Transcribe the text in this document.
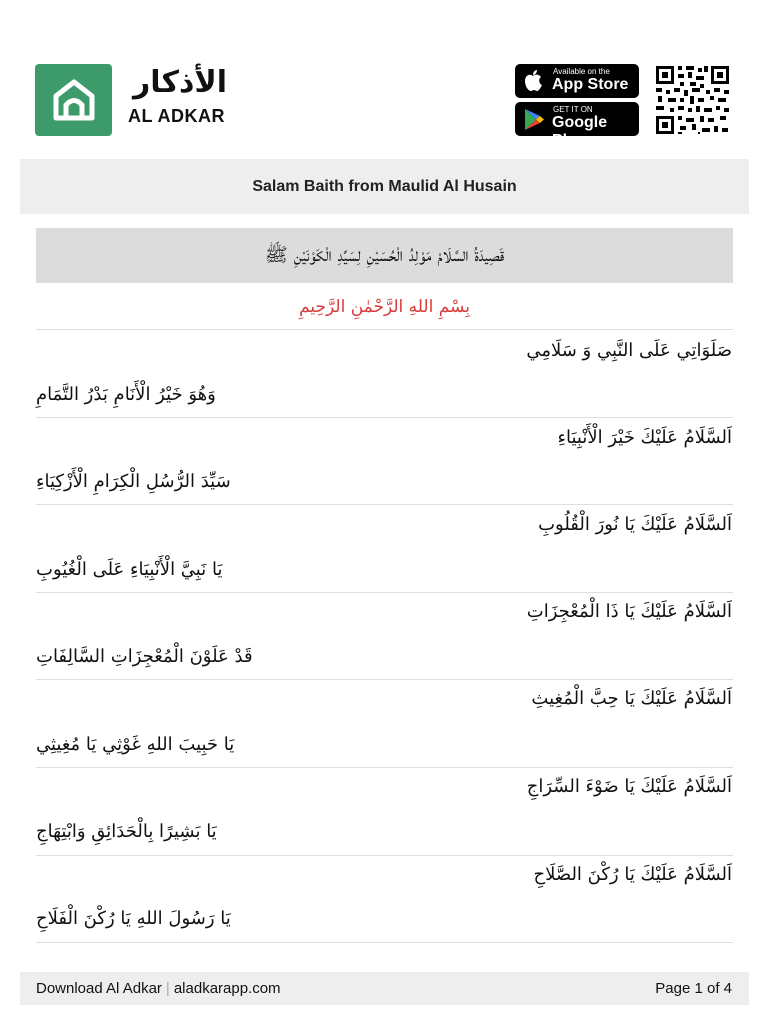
الأذكار
AL ADKAR
Available on the
App Store
GET IT ON
Google Play
Salam Baith from Maulid Al Husain
قَصِيدَةُ السَّلَامْ مَوْلِدُ الْحُسَيْنِ لِسَيِّدِ الْكَوْنَيْنِ ﷺ
بِسْمِ اللهِ الرَّحْمٰنِ الرَّحِيمِ
صَلَوَاتِي عَلَى النَّبِي وَ سَلَامِي
وَهُوَ خَيْرُ الْأَنَامِ بَدْرُ التَّمَامِ
اَلسَّلَامُ عَلَيْكَ خَيْرَ الْأَنْبِيَاءِ
سَيِّدَ الرُّسُلِ الْكِرَامِ الْأَزْكِيَاءِ
اَلسَّلَامُ عَلَيْكَ يَا نُورَ الْقُلُوبِ
يَا نَبِيَّ الْأَنْبِيَاءِ عَلَى الْغُيُوبِ
اَلسَّلَامُ عَلَيْكَ يَا ذَا الْمُعْجِزَاتِ
قَدْ عَلَوْنَ الْمُعْجِزَاتِ السَّالِفَاتِ
اَلسَّلَامُ عَلَيْكَ يَا حِبَّ الْمُغِيثِ
يَا حَبِيبَ اللهِ غَوْثِي يَا مُغِيثِي
اَلسَّلَامُ عَلَيْكَ يَا ضَوْءَ السِّرَاجِ
يَا بَشِيرًا بِالْحَدَائِقِ وَابْتِهَاجِ
اَلسَّلَامُ عَلَيْكَ يَا رُكْنَ الصَّلَاحِ
يَا رَسُولَ اللهِ يَا رُكْنَ الْفَلَاحِ
Download Al Adkar | aladkarapp.com	Page 1 of 4
